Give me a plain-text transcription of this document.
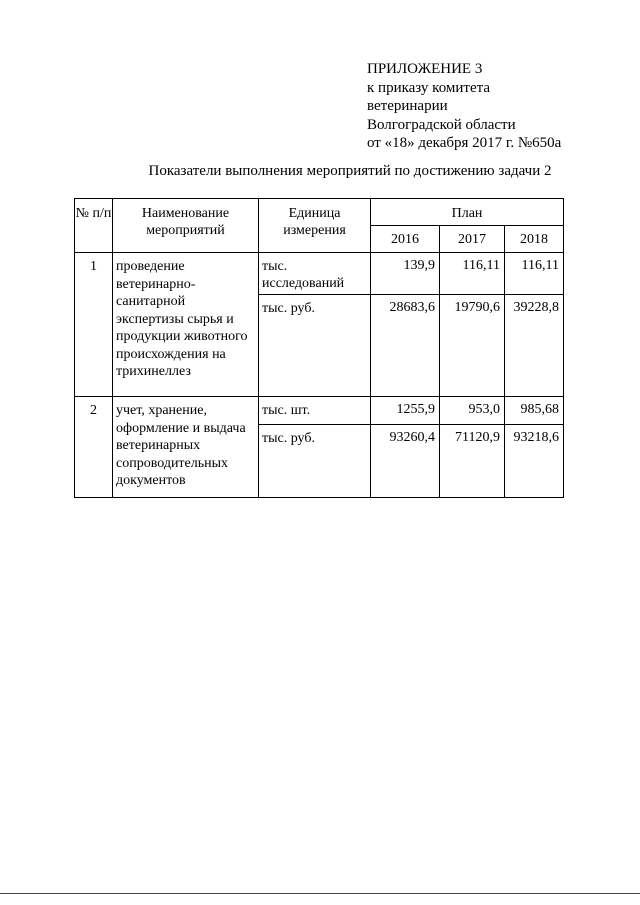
ПРИЛОЖЕНИЕ 3
к приказу комитета
ветеринарии
Волгоградской области
от «18» декабря 2017 г. №650а
Показатели выполнения мероприятий по достижению задачи 2
№ п/п	Наименование мероприятий	Единица измерения	План		
			2016	2017	2018
1	проведение ветеринарно-санитарной экспертизы сырья и продукции животного происхождения на трихинеллез	тыс. исследований	139,9	116,11	116,11
		тыс. руб.	28683,6	19790,6	39228,8
2	учет, хранение, оформление и выдача ветеринарных сопроводительных документов	тыс. шт.	1255,9	953,0	985,68
		тыс. руб.	93260,4	71120,9	93218,6
